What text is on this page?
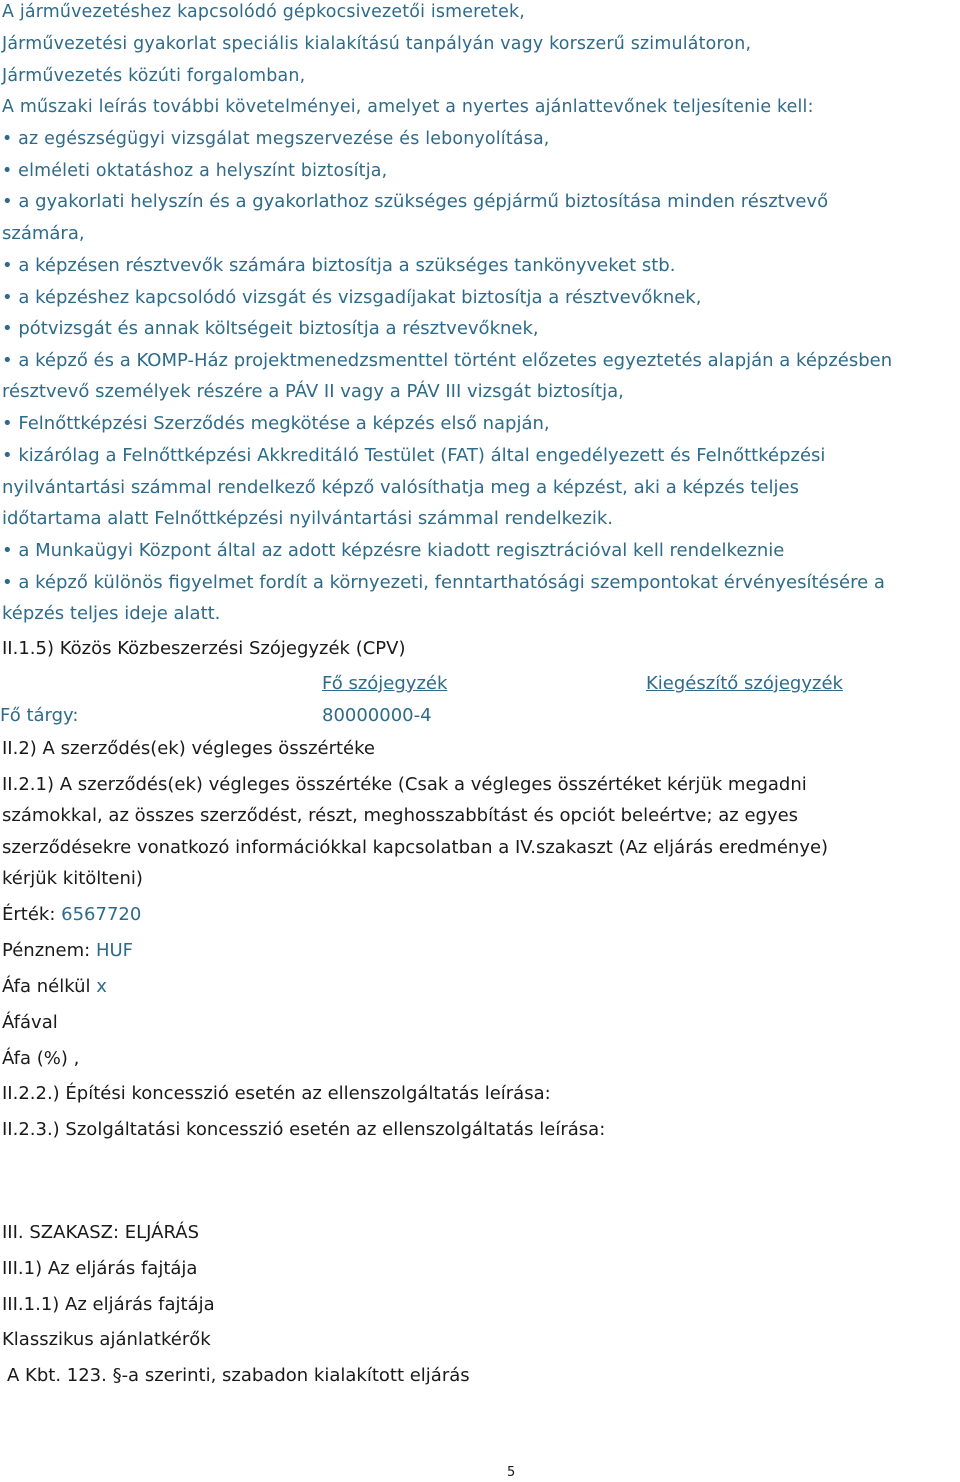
A járművezetéshez kapcsolódó gépkocsivezetői ismeretek,
Járművezetési gyakorlat speciális kialakítású tanpályán vagy korszerű szimulátoron,
Járművezetés közúti forgalomban,
A műszaki leírás további követelményei, amelyet a nyertes ajánlattevőnek teljesítenie kell:
• az egészségügyi vizsgálat megszervezése és lebonyolítása,
• elméleti oktatáshoz a helyszínt biztosítja,
• a gyakorlati helyszín és a gyakorlathoz szükséges gépjármű biztosítása minden résztvevő
számára,
• a képzésen résztvevők számára biztosítja a szükséges tankönyveket stb.
• a képzéshez kapcsolódó vizsgát és vizsgadíjakat biztosítja a résztvevőknek,
• pótvizsgát és annak költségeit biztosítja a résztvevőknek,
• a képző és a KOMP-Ház projektmenedzsmenttel történt előzetes egyeztetés alapján a képzésben
résztvevő személyek részére a PÁV II vagy a PÁV III vizsgát biztosítja,
• Felnőttképzési Szerződés megkötése a képzés első napján,
• kizárólag a Felnőttképzési Akkreditáló Testület (FAT) által engedélyezett és Felnőttképzési
nyilvántartási számmal rendelkező képző valósíthatja meg a képzést, aki a képzés teljes
időtartama alatt Felnőttképzési nyilvántartási számmal rendelkezik.
• a Munkaügyi Központ által az adott képzésre kiadott regisztrációval kell rendelkeznie
• a képző különös figyelmet fordít a környezeti, fenntarthatósági szempontokat érvényesítésére a
képzés teljes ideje alatt.
II.1.5) Közös Közbeszerzési Szójegyzék (CPV)
Fő szójegyzék	Kiegészítő szójegyzék
Fő tárgy:	80000000-4
II.2) A szerződés(ek) végleges összértéke
II.2.1) A szerződés(ek) végleges összértéke (Csak a végleges összértéket kérjük megadni
számokkal, az összes szerződést, részt, meghosszabbítást és opciót beleértve; az egyes
szerződésekre vonatkozó információkkal kapcsolatban a IV.szakaszt (Az eljárás eredménye)
kérjük kitölteni)
Érték: 6567720
Pénznem: HUF
Áfa nélkül x
Áfával
Áfa (%) ,
II.2.2.) Építési koncesszió esetén az ellenszolgáltatás leírása:
II.2.3.) Szolgáltatási koncesszió esetén az ellenszolgáltatás leírása:
III. SZAKASZ: ELJÁRÁS
III.1) Az eljárás fajtája
III.1.1) Az eljárás fajtája
Klasszikus ajánlatkérők
A Kbt. 123. §-a szerinti, szabadon kialakított eljárás
5
